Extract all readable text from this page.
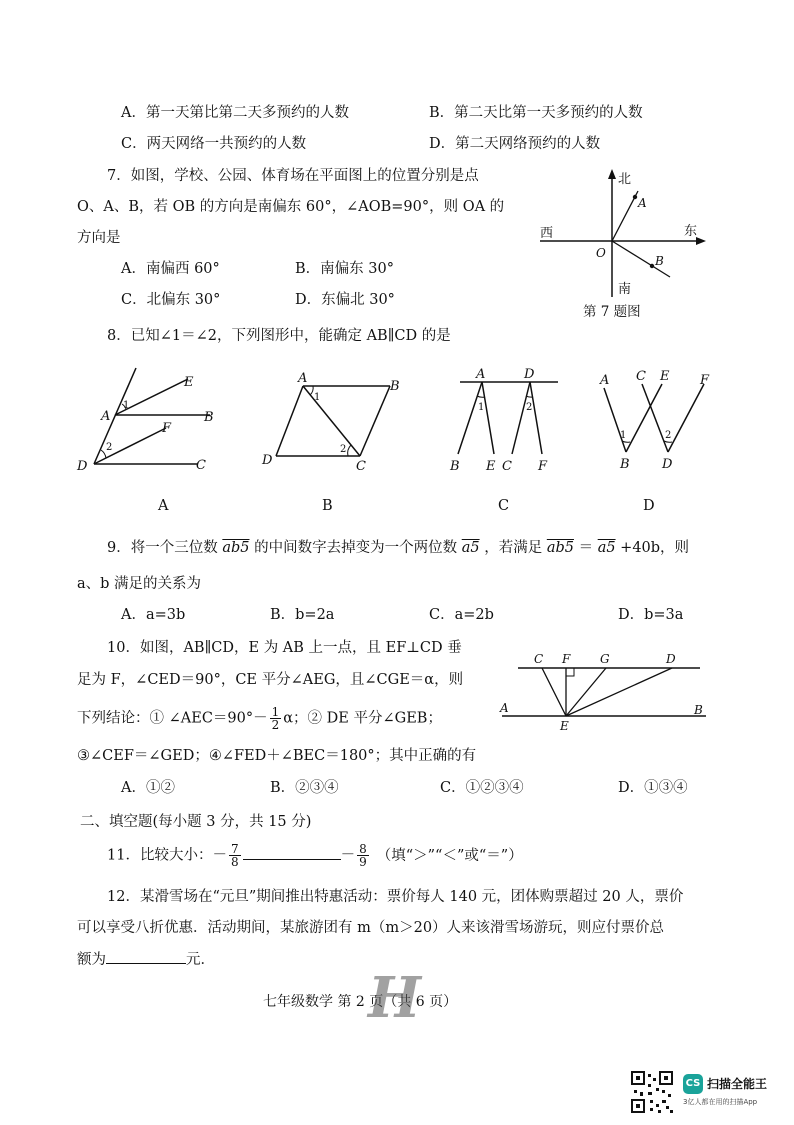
A．第一天第比第二天多预约的人数	B．第二天比第一天多预约的人数
C．两天网络一共预约的人数	D．第二天网络预约的人数
7．如图，学校、公园、体育场在平面图上的位置分别是点
O、A、B，若 OB 的方向是南偏东 60°，∠AOB=90°，则 OA 的
方向是
A．南偏西 60°	B．南偏东 30°
C．北偏东 30°	D．东偏北 30°
北
南
东
西
O
A
B
第 7 题图
8．已知∠1＝∠2，下列图形中，能确定 AB∥CD 的是
1
2
A
E
B
F
D	C
A
1
2
A
B
D	C
B
1	2
A	D
B E C F
C
1	2
A C E F
B D
D
9．将一个三位数 ab5 的中间数字去掉变为一个两位数 a5 ，若满足 ab5 ＝ a5 +40b，则
a、b 满足的关系为
A．a=3b	B．b=2a	C．a=2b	D．b=3a
10．如图，AB∥CD，E 为 AB 上一点，且 EF⊥CD 垂
足为 F，∠CED＝90°，CE 平分∠AEG，且∠CGE＝α，则
下列结论：① ∠AEC＝90°－ $\frac{1}{2}$ α；② DE 平分∠GEB；
③∠CEF＝∠GED；④∠FED＋∠BEC＝180°；其中正确的有
A．①②	B．②③④	C．①②③④	D．①③④
C F G	D
A	B
E
二、填空题(每小题 3 分，共 15 分)
11．比较大小：－ $\frac{7}{8}$	－ $\frac{8}{9}$ （填“＞”“＜”或“＝”）
12．某滑雪场在“元旦”期间推出特惠活动：票价每人 140 元，团体购票超过 20 人，票价
可以享受八折优惠．活动期间，某旅游团有 m（m＞20）人来该滑雪场游玩，则应付票价总
额为	元．
七年级数学 第 2 页（共 6 页）
H
CS 扫描全能王
3亿人都在用的扫描App
